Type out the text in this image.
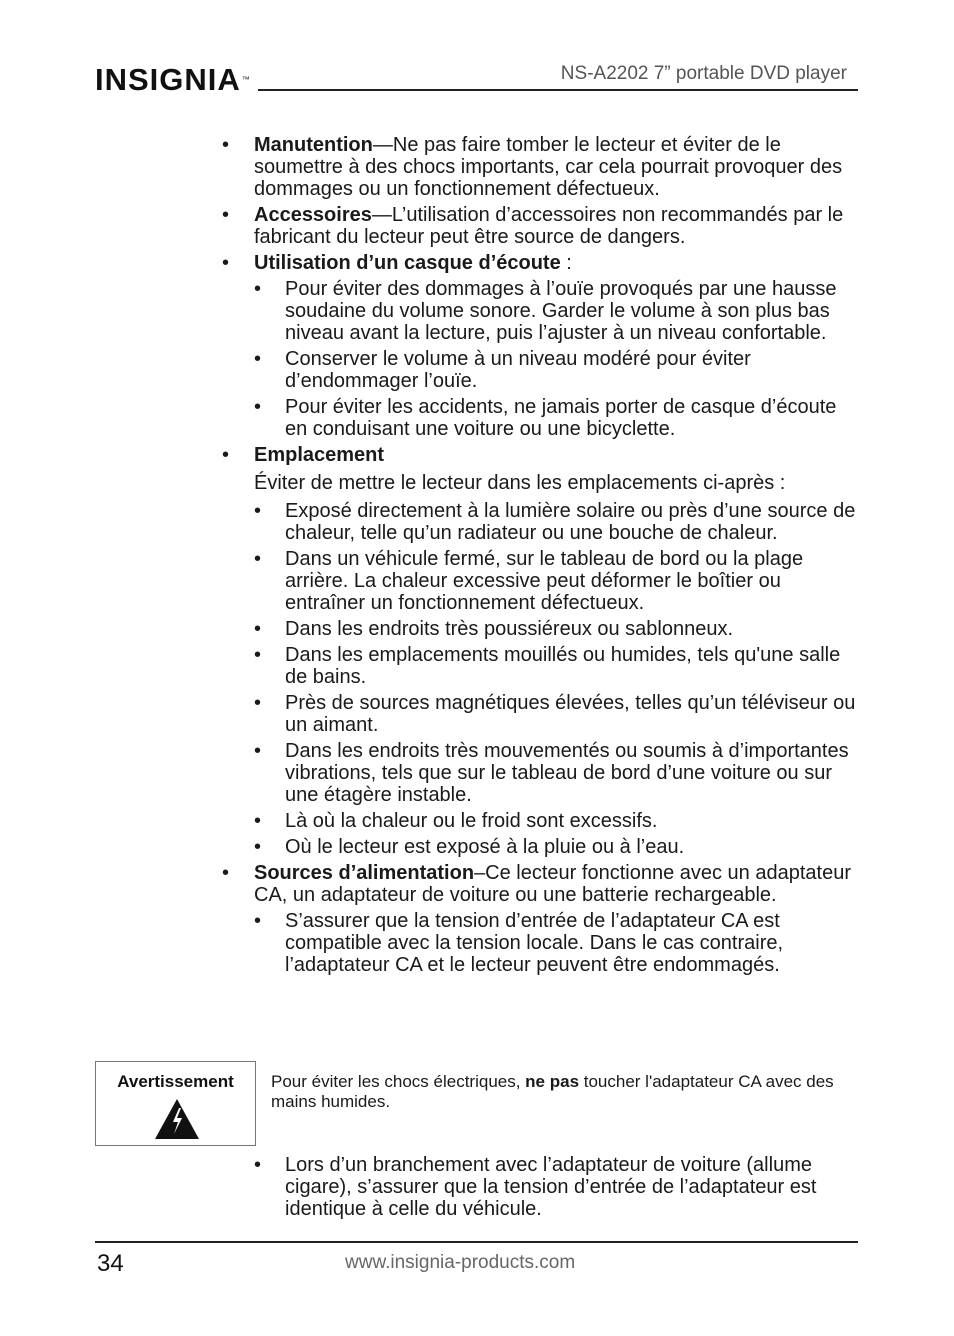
INSIGNIA™	NS-A2202 7” portable DVD player
• Manutention—Ne pas faire tomber le lecteur et éviter de le soumettre à des chocs importants, car cela pourrait provoquer des dommages ou un fonctionnement défectueux.
• Accessoires—L’utilisation d’accessoires non recommandés par le fabricant du lecteur peut être source de dangers.
• Utilisation d’un casque d’écoute :
• Pour éviter des dommages à l’ouïe provoqués par une hausse soudaine du volume sonore. Garder le volume à son plus bas niveau avant la lecture, puis l’ajuster à un niveau confortable.
• Conserver le volume à un niveau modéré pour éviter d’endommager l’ouïe.
• Pour éviter les accidents, ne jamais porter de casque d’écoute en conduisant une voiture ou une bicyclette.
• Emplacement
Éviter de mettre le lecteur dans les emplacements ci-après :
• Exposé directement à la lumière solaire ou près d’une source de chaleur, telle qu’un radiateur ou une bouche de chaleur.
• Dans un véhicule fermé, sur le tableau de bord ou la plage arrière. La chaleur excessive peut déformer le boîtier ou entraîner un fonctionnement défectueux.
• Dans les endroits très poussiéreux ou sablonneux.
• Dans les emplacements mouillés ou humides, tels qu'une salle de bains.
• Près de sources magnétiques élevées, telles qu’un téléviseur ou un aimant.
• Dans les endroits très mouvementés ou soumis à d’importantes vibrations, tels que sur le tableau de bord d’une voiture ou sur une étagère instable.
• Là où la chaleur ou le froid sont excessifs.
• Où le lecteur est exposé à la pluie ou à l’eau.
• Sources d’alimentation–Ce lecteur fonctionne avec un adaptateur CA, un adaptateur de voiture ou une batterie rechargeable.
• S’assurer que la tension d’entrée de l’adaptateur CA est compatible avec la tension locale. Dans le cas contraire, l’adaptateur CA et le lecteur peuvent être endommagés.
Avertissement	Pour éviter les chocs électriques, ne pas toucher l'adaptateur CA avec des mains humides.
• Lors d’un branchement avec l’adaptateur de voiture (allume cigare), s’assurer que la tension d’entrée de l’adaptateur est identique à celle du véhicule.
34	www.insignia-products.com
